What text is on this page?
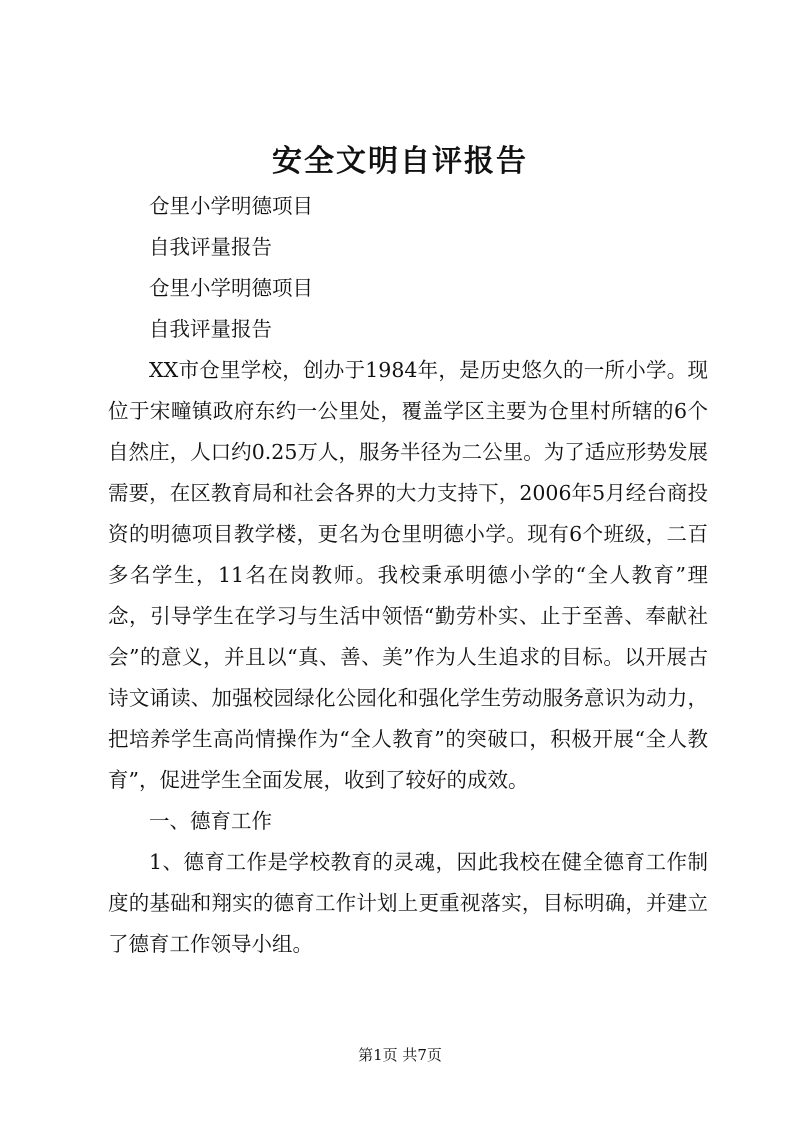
安全文明自评报告

仓里小学明德项目

自我评量报告

仓里小学明德项目

自我评量报告

XX市仓里学校，创办于1984年，是历史悠久的一所小学。现位于宋疃镇政府东约一公里处，覆盖学区主要为仓里村所辖的6个自然庄，人口约0.25万人，服务半径为二公里。为了适应形势发展需要，在区教育局和社会各界的大力支持下，2006年5月经台商投资的明德项目教学楼，更名为仓里明德小学。现有6个班级，二百多名学生，11名在岗教师。我校秉承明德小学的“全人教育”理念，引导学生在学习与生活中领悟“勤劳朴实、止于至善、奉献社会”的意义，并且以“真、善、美”作为人生追求的目标。以开展古诗文诵读、加强校园绿化公园化和强化学生劳动服务意识为动力，把培养学生高尚情操作为“全人教育”的突破口，积极开展“全人教育”，促进学生全面发展，收到了较好的成效。

一、德育工作

1、德育工作是学校教育的灵魂，因此我校在健全德育工作制度的基础和翔实的德育工作计划上更重视落实，目标明确，并建立了德育工作领导小组。

第1页 共7页
